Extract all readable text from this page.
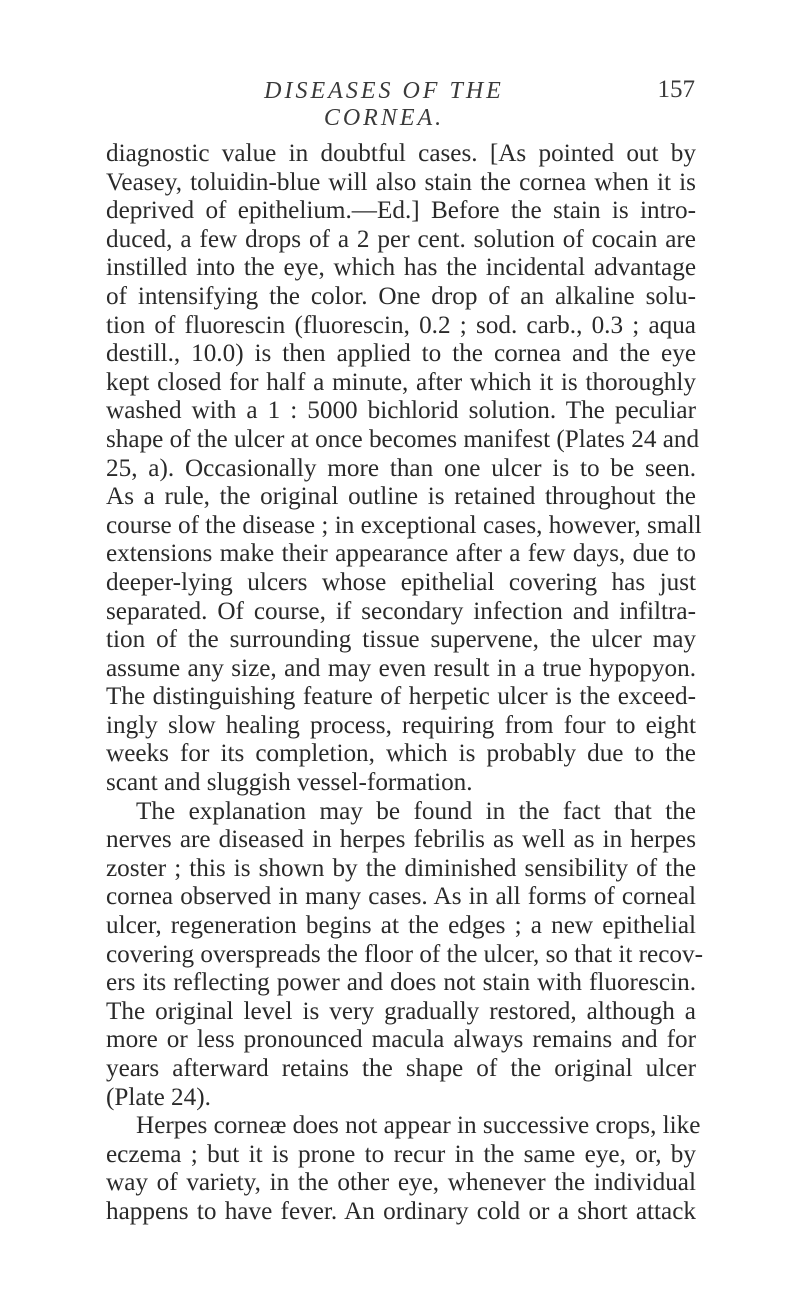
DISEASES OF THE CORNEA.
157
diagnostic value in doubtful cases. [As pointed out by
Veasey, toluidin-blue will also stain the cornea when it is
deprived of epithelium.—Ed.] Before the stain is intro-
duced, a few drops of a 2 per cent. solution of cocain are
instilled into the eye, which has the incidental advantage
of intensifying the color. One drop of an alkaline solu-
tion of fluorescin (fluorescin, 0.2 ; sod. carb., 0.3 ; aqua
destill., 10.0) is then applied to the cornea and the eye
kept closed for half a minute, after which it is thoroughly
washed with a 1 : 5000 bichlorid solution. The peculiar
shape of the ulcer at once becomes manifest (Plates 24 and
25, a). Occasionally more than one ulcer is to be seen.
As a rule, the original outline is retained throughout the
course of the disease ; in exceptional cases, however, small
extensions make their appearance after a few days, due to
deeper-lying ulcers whose epithelial covering has just
separated. Of course, if secondary infection and infiltra-
tion of the surrounding tissue supervene, the ulcer may
assume any size, and may even result in a true hypopyon.
The distinguishing feature of herpetic ulcer is the exceed-
ingly slow healing process, requiring from four to eight
weeks for its completion, which is probably due to the
scant and sluggish vessel-formation.
The explanation may be found in the fact that the
nerves are diseased in herpes febrilis as well as in herpes
zoster ; this is shown by the diminished sensibility of the
cornea observed in many cases. As in all forms of corneal
ulcer, regeneration begins at the edges ; a new epithelial
covering overspreads the floor of the ulcer, so that it recov-
ers its reflecting power and does not stain with fluorescin.
The original level is very gradually restored, although a
more or less pronounced macula always remains and for
years afterward retains the shape of the original ulcer
(Plate 24).
Herpes corneæ does not appear in successive crops, like
eczema ; but it is prone to recur in the same eye, or, by
way of variety, in the other eye, whenever the individual
happens to have fever. An ordinary cold or a short attack
